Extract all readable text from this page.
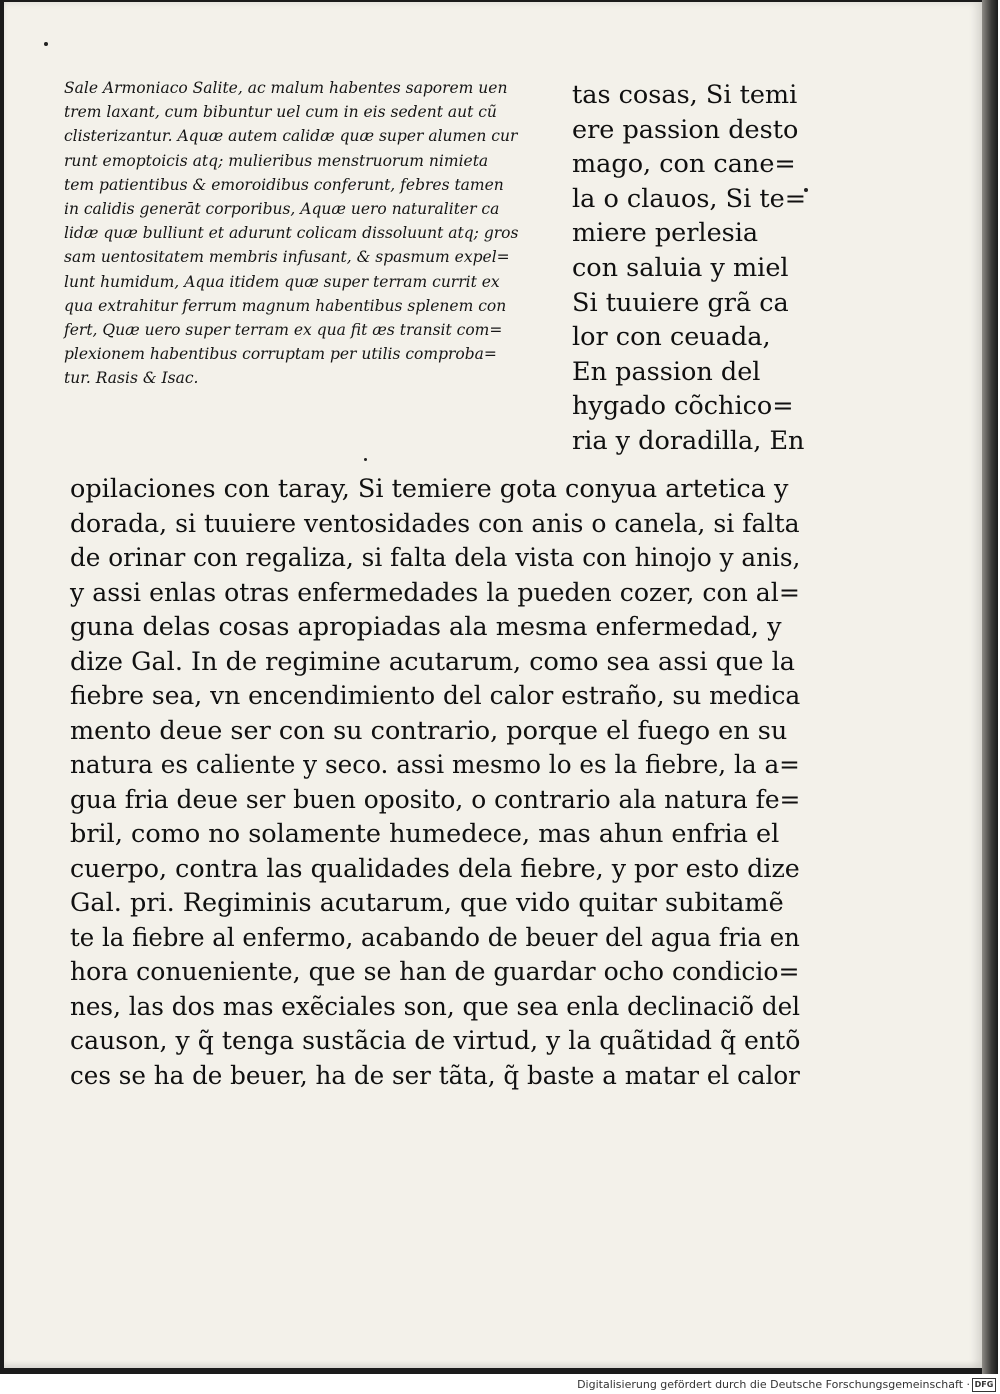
Sale Armoniaco Salite, ac malum habentes saporem uen
trem laxant, cum bibuntur uel cum in eis sedent aut cũ
clisterizantur. Aquæ autem calidæ quæ super alumen cur
runt emoptoicis atq; mulieribus menstruorum nimieta
tem patientibus & emoroidibus conferunt, febres tamen
in calidis generāt corporibus, Aquæ uero naturaliter ca
lidæ quæ bulliunt et adurunt colicam dissoluunt atq; gros
sam uentositatem membris infusant, & spasmum expel=
lunt humidum, Aqua itidem quæ super terram currit ex
qua extrahitur ferrum magnum habentibus splenem con
fert, Quæ uero super terram ex qua fit æs transit com=
plexionem habentibus corruptam per utilis comproba=
tur. Rasis & Isac.
tas cosas, Si temi
ere passion desto
mago, con cane=
la o clauos, Si te=
miere perlesia
con saluia y miel
Si tuuiere grã ca
lor con ceuada,
En passion del
hygado cõchico=
ria y doradilla, En
opilaciones con taray, Si temiere gota conyua artetica y
dorada, si tuuiere ventosidades con anis o canela, si falta
de orinar con regaliza, si falta dela vista con hinojo y anis,
y assi enlas otras enfermedades la pueden cozer, con al=
guna delas cosas apropiadas ala mesma enfermedad, y
dize Gal. In de regimine acutarum, como sea assi que la
fiebre sea, vn encendimiento del calor estraño, su medica
mento deue ser con su contrario, porque el fuego en su
natura es caliente y seco. assi mesmo lo es la fiebre, la a=
gua fria deue ser buen oposito, o contrario ala natura fe=
bril, como no solamente humedece, mas ahun enfria el
cuerpo, contra las qualidades dela fiebre, y por esto dize
Gal. pri. Regiminis acutarum, que vido quitar subitamẽ
te la fiebre al enfermo, acabando de beuer del agua fria en
hora conueniente, que se han de guardar ocho condicio=
nes, las dos mas exẽciales son, que sea enla declinaciõ del
causon, y q̃ tenga sustãcia de virtud, y la quãtidad q̃ entõ
ces se ha de beuer, ha de ser tãta, q̃ baste a matar el calor
Digitalisierung gefördert durch die Deutsche Forschungsgemeinschaft · DFG
